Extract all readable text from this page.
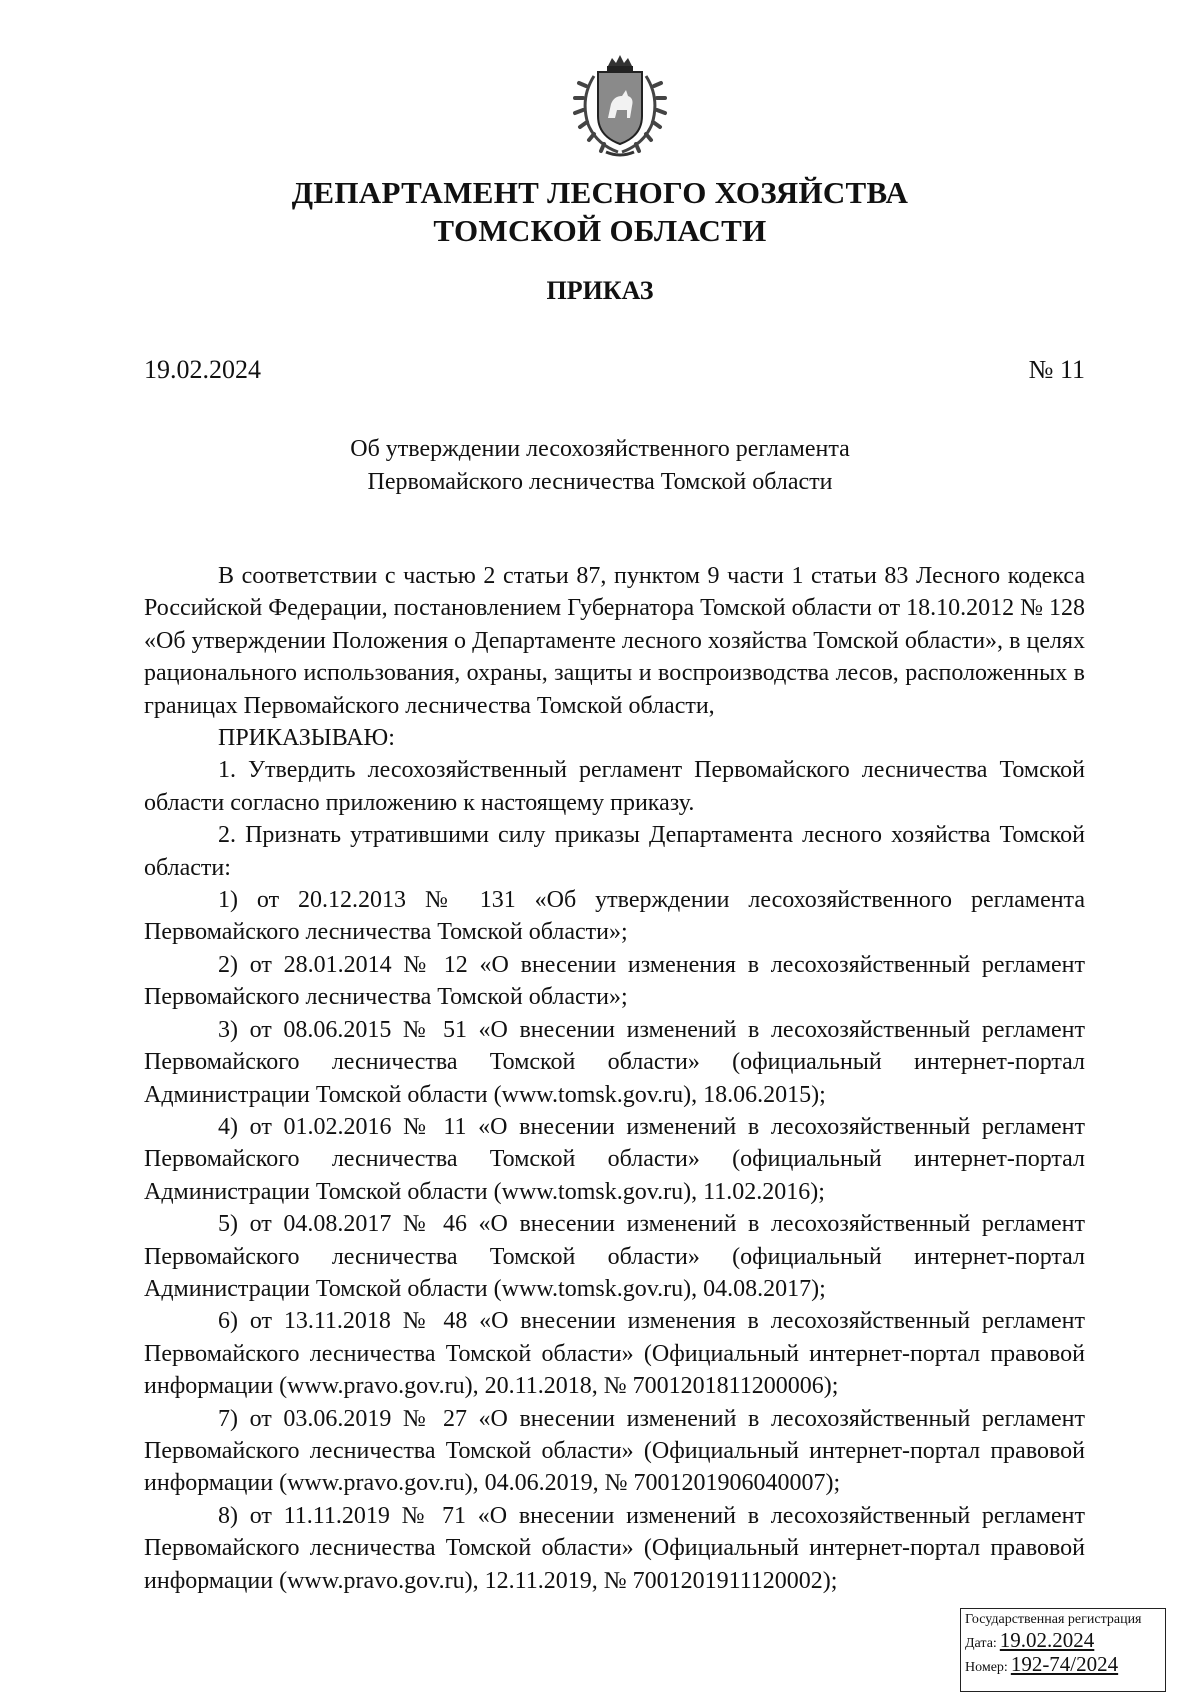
ДЕПАРТАМЕНТ ЛЕСНОГО ХОЗЯЙСТВА
ТОМСКОЙ ОБЛАСТИ
ПРИКАЗ
19.02.2024	№ 11
Об утверждении лесохозяйственного регламента
Первомайского лесничества Томской области

В соответствии с частью 2 статьи 87, пунктом 9 части 1 статьи 83 Лесного кодекса Российской Федерации, постановлением Губернатора Томской области от 18.10.2012 № 128 «Об утверждении Положения о Департаменте лесного хозяйства Томской области», в целях рационального использования, охраны, защиты и воспроизводства лесов, расположенных в границах Первомайского лесничества Томской области,

ПРИКАЗЫВАЮ:

1. Утвердить лесохозяйственный регламент Первомайского лесничества Томской области согласно приложению к настоящему приказу.

2. Признать утратившими силу приказы Департамента лесного хозяйства Томской области:

1) от 20.12.2013 № 131 «Об утверждении лесохозяйственного регламента Первомайского лесничества Томской области»;

2) от 28.01.2014 № 12 «О внесении изменения в лесохозяйственный регламент Первомайского лесничества Томской области»;

3) от 08.06.2015 № 51 «О внесении изменений в лесохозяйственный регламент Первомайского лесничества Томской области» (официальный интернет-портал Администрации Томской области (www.tomsk.gov.ru), 18.06.2015);

4) от 01.02.2016 № 11 «О внесении изменений в лесохозяйственный регламент Первомайского лесничества Томской области» (официальный интернет-портал Администрации Томской области (www.tomsk.gov.ru), 11.02.2016);

5) от 04.08.2017 № 46 «О внесении изменений в лесохозяйственный регламент Первомайского лесничества Томской области» (официальный интернет-портал Администрации Томской области (www.tomsk.gov.ru), 04.08.2017);

6) от 13.11.2018 № 48 «О внесении изменения в лесохозяйственный регламент Первомайского лесничества Томской области» (Официальный интернет-портал правовой информации (www.pravo.gov.ru), 20.11.2018, № 7001201811200006);

7) от 03.06.2019 № 27 «О внесении изменений в лесохозяйственный регламент Первомайского лесничества Томской области» (Официальный интернет-портал правовой информации (www.pravo.gov.ru), 04.06.2019, № 7001201906040007);

8) от 11.11.2019 № 71 «О внесении изменений в лесохозяйственный регламент Первомайского лесничества Томской области» (Официальный интернет-портал правовой информации (www.pravo.gov.ru), 12.11.2019, № 7001201911120002);

Государственная регистрация
Дата: 19.02.2024
Номер: 192-74/2024
